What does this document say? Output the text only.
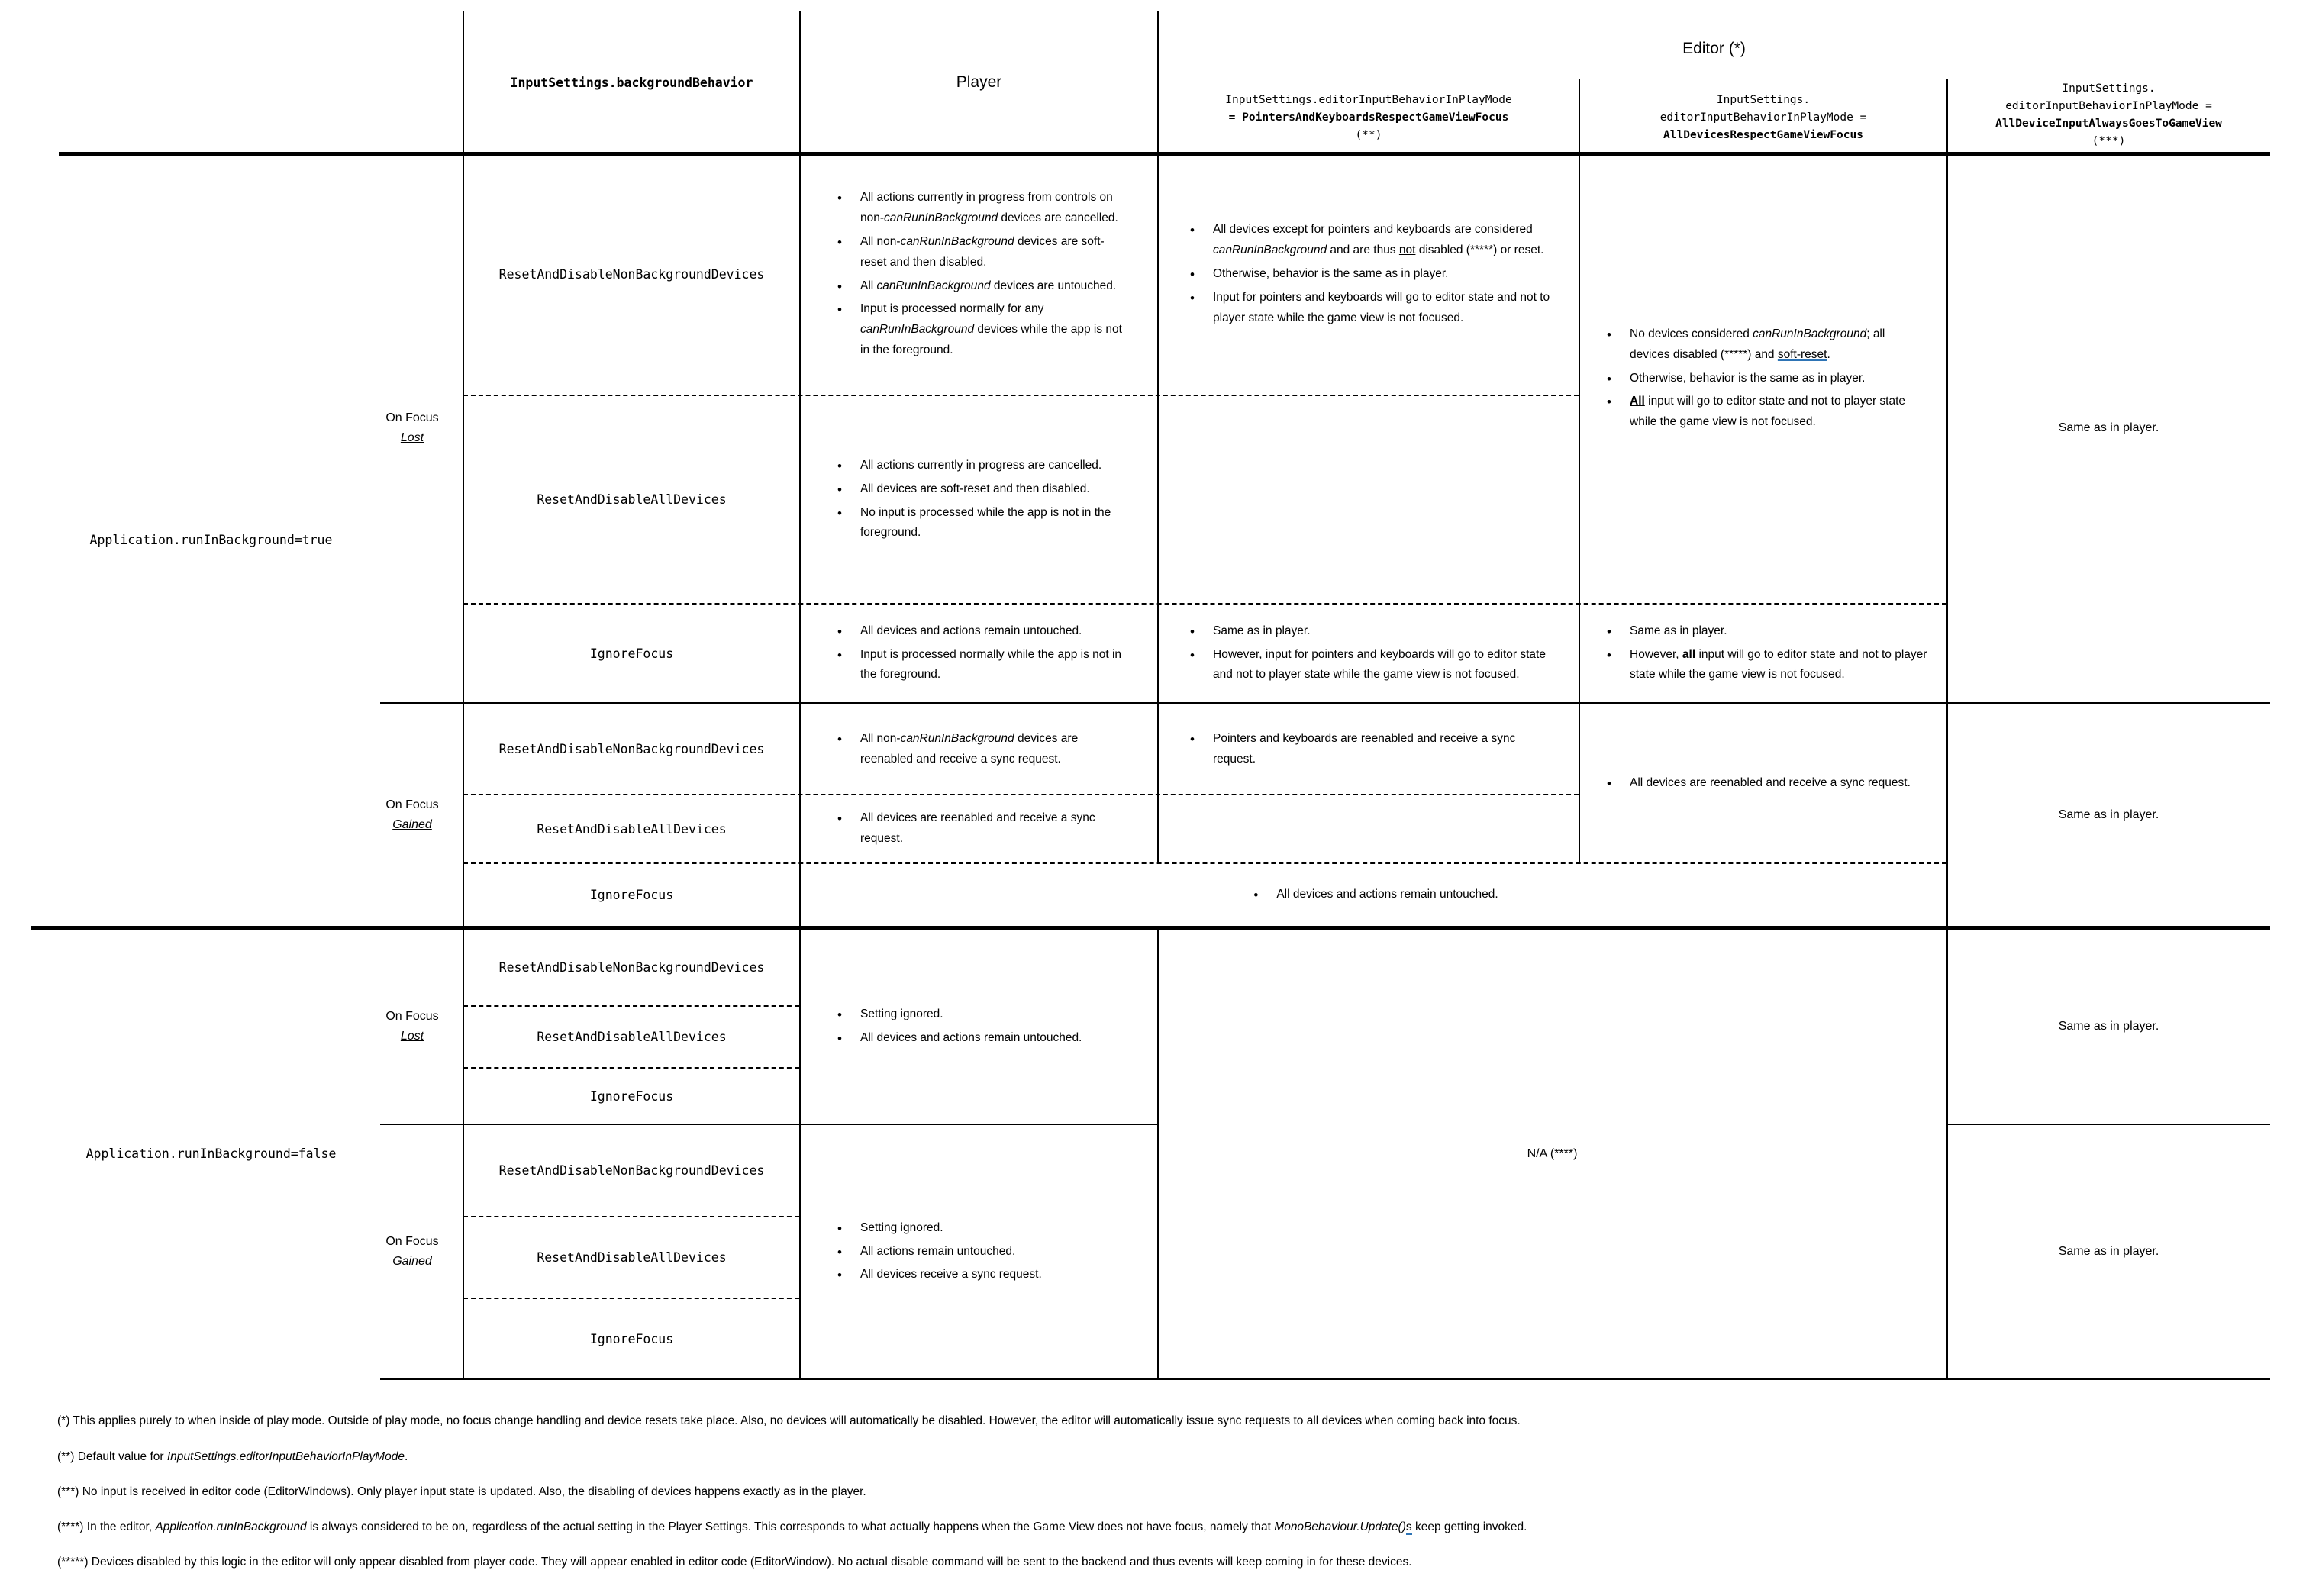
InputSettings.backgroundBehavior	Player
Editor (*)
InputSettings.editorInputBehaviorInPlayMode
= PointersAndKeyboardsRespectGameViewFocus
(**)
InputSettings.
editorInputBehaviorInPlayMode =
AllDevicesRespectGameViewFocus
InputSettings.
editorInputBehaviorInPlayMode =
AllDeviceInputAlwaysGoesToGameView
(***)
Application.runInBackground=true
Application.runInBackground=false
On Focus
Lost
On Focus
Gained
On Focus
Lost
On Focus
Gained
ResetAndDisableNonBackgroundDevices
ResetAndDisableAllDevices
IgnoreFocus
ResetAndDisableNonBackgroundDevices
ResetAndDisableAllDevices
IgnoreFocus
ResetAndDisableNonBackgroundDevices
ResetAndDisableAllDevices
IgnoreFocus
ResetAndDisableNonBackgroundDevices
ResetAndDisableAllDevices
IgnoreFocus
• All actions currently in progress from controls on non-canRunInBackground devices are cancelled.
• All non-canRunInBackground devices are soft-reset and then disabled.
• All canRunInBackground devices are untouched.
• Input is processed normally for any canRunInBackground devices while the app is not in the foreground.
• All devices except for pointers and keyboards are considered canRunInBackground and are thus not disabled (*****) or reset.
• Otherwise, behavior is the same as in player.
• Input for pointers and keyboards will go to editor state and not to player state while the game view is not focused.
• No devices considered canRunInBackground; all devices disabled (*****) and soft-reset.
• Otherwise, behavior is the same as in player.
• All input will go to editor state and not to player state while the game view is not focused.
• All actions currently in progress are cancelled.
• All devices are soft-reset and then disabled.
• No input is processed while the app is not in the foreground.
• All devices and actions remain untouched.
• Input is processed normally while the app is not in the foreground.
• Same as in player.
• However, input for pointers and keyboards will go to editor state and not to player state while the game view is not focused.
• Same as in player.
• However, all input will go to editor state and not to player state while the game view is not focused.
Same as in player.
• All non-canRunInBackground devices are reenabled and receive a sync request.
• Pointers and keyboards are reenabled and receive a sync request.
• All devices are reenabled and receive a sync request.
• All devices are reenabled and receive a sync request.
• All devices and actions remain untouched.
Same as in player.
• Setting ignored.
• All devices and actions remain untouched.
• Setting ignored.
• All actions remain untouched.
• All devices receive a sync request.
N/A (****)
Same as in player.
Same as in player.
(*) This applies purely to when inside of play mode. Outside of play mode, no focus change handling and device resets take place. Also, no devices will automatically be disabled. However, the editor will automatically issue sync requests to all devices when coming back into focus.
(**) Default value for InputSettings.editorInputBehaviorInPlayMode.
(***) No input is received in editor code (EditorWindows). Only player input state is updated. Also, the disabling of devices happens exactly as in the player.
(****) In the editor, Application.runInBackground is always considered to be on, regardless of the actual setting in the Player Settings. This corresponds to what actually happens when the Game View does not have focus, namely that MonoBehaviour.Update()s keep getting invoked.
(*****) Devices disabled by this logic in the editor will only appear disabled from player code. They will appear enabled in editor code (EditorWindow). No actual disable command will be sent to the backend and thus events will keep coming in for these devices.
